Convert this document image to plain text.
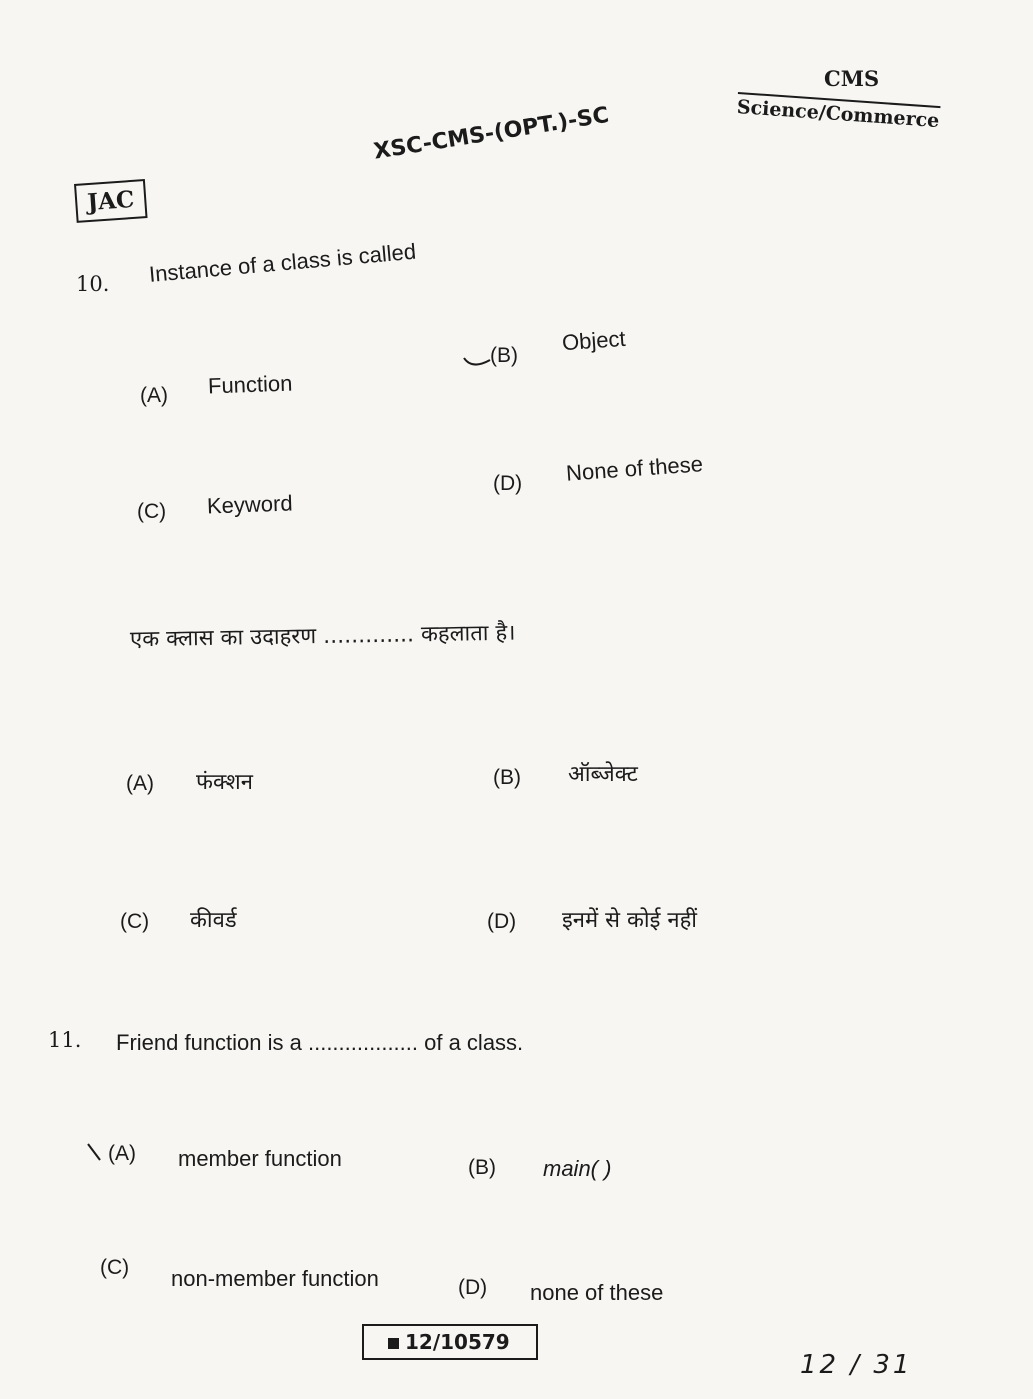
CMS
Science/Commerce
XSC-CMS-(OPT.)-SC
JAC
10. Instance of a class is called
(A) Function
(B)
Object
(C) Keyword
(D) None of these
एक क्लास का उदाहरण ............. कहलाता है।
(A) फंक्शन	(B) ऑब्जेक्ट
(C) कीवर्ड	(D) इनमें से कोई नहीं
11. Friend function is a .................. of a class.
(A) member function	(B) main( )
(C) non-member function	(D) none of these
12/10579
12 / 31
